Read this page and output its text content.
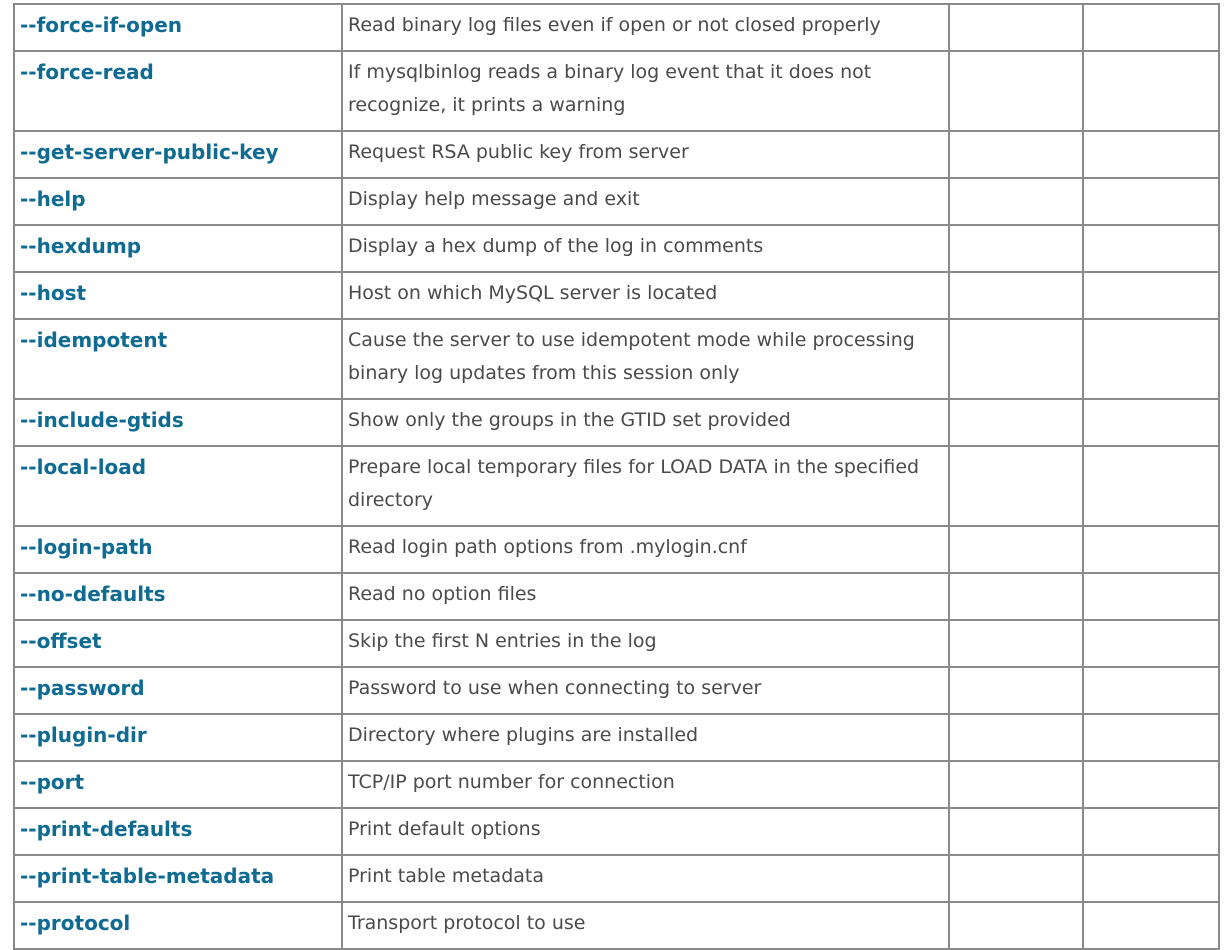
--force-if-open	Read binary log files even if open or not closed properly		

--force-read	If mysqlbinlog reads a binary log event that it does not recognize, it prints a warning		

--get-server-public-key	Request RSA public key from server		

--help	Display help message and exit		

--hexdump	Display a hex dump of the log in comments		

--host	Host on which MySQL server is located		

--idempotent	Cause the server to use idempotent mode while processing binary log updates from this session only		

--include-gtids	Show only the groups in the GTID set provided		

--local-load	Prepare local temporary files for LOAD DATA in the specified directory		

--login-path	Read login path options from .mylogin.cnf		

--no-defaults	Read no option files		

--offset	Skip the first N entries in the log		

--password	Password to use when connecting to server		

--plugin-dir	Directory where plugins are installed		

--port	TCP/IP port number for connection		

--print-defaults	Print default options		

--print-table-metadata	Print table metadata		

--protocol	Transport protocol to use		
